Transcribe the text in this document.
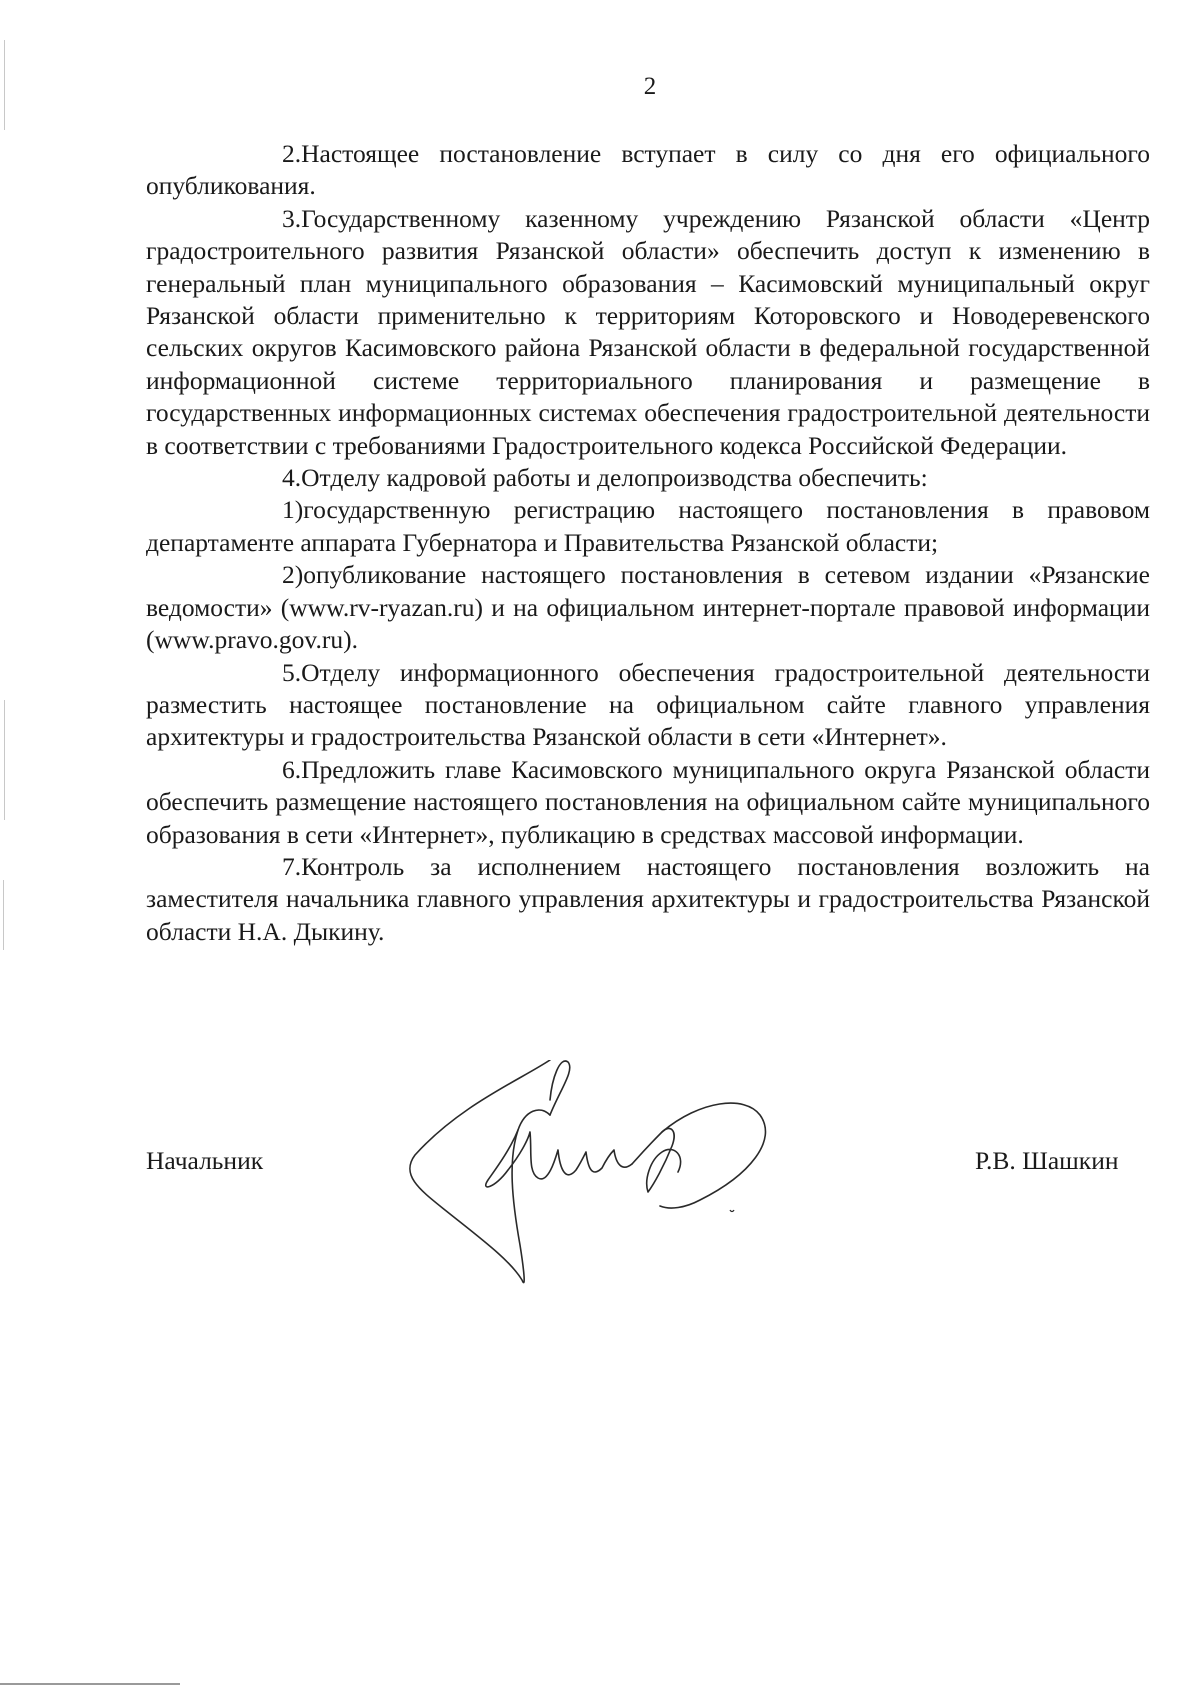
2

2.Настоящее постановление вступает в силу со дня его официального опубликования.

3.Государственному казенному учреждению Рязанской области «Центр градостроительного развития Рязанской области» обеспечить доступ к изменению в генеральный план муниципального образования – Касимовский муниципальный округ Рязанской области применительно к территориям Которовского и Новодеревенского сельских округов Касимовского района Рязанской области в федеральной государственной информационной системе территориального планирования и размещение в государственных информационных системах обеспечения градостроительной деятельности в соответствии с требованиями Градостроительного кодекса Российской Федерации.

4.Отделу кадровой работы и делопроизводства обеспечить:

1)государственную регистрацию настоящего постановления в правовом департаменте аппарата Губернатора и Правительства Рязанской области;

2)опубликование настоящего постановления в сетевом издании «Рязанские ведомости» (www.rv-ryazan.ru) и на официальном интернет-портале правовой информации (www.pravo.gov.ru).

5.Отделу информационного обеспечения градостроительной деятельности разместить настоящее постановление на официальном сайте главного управления архитектуры и градостроительства Рязанской области в сети «Интернет».

6.Предложить главе Касимовского муниципального округа Рязанской области обеспечить размещение настоящего постановления на официальном сайте муниципального образования в сети «Интернет», публикацию в средствах массовой информации.

7.Контроль за исполнением настоящего постановления возложить на заместителя начальника главного управления архитектуры и градостроительства Рязанской области Н.А. Дыкину.

Начальник	Р.В. Шашкин
